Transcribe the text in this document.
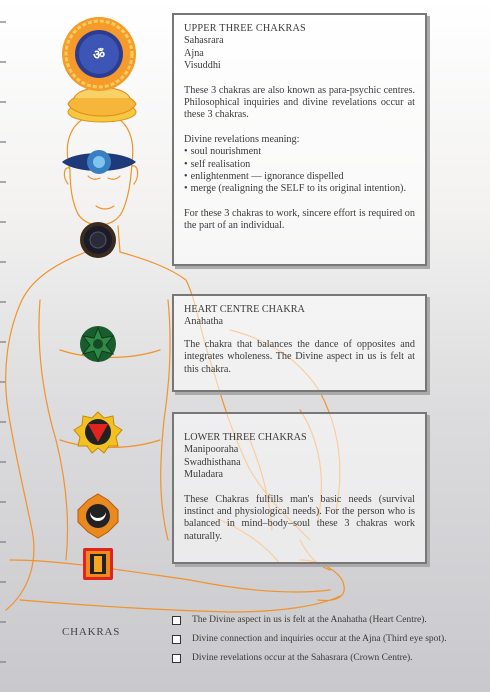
ॐ
UPPER THREE CHAKRAS
Sahasrara
Ajna
Visuddhi

These 3 chakras are also known as para-psychic centres. Philosophical inquiries and divine revelations occur at these 3 chakras.

Divine revelations meaning:
• soul nourishment
• self realisation
• enlightenment — ignorance dispelled
• merge (realigning the SELF to its original intention).

For these 3 chakras to work, sincere effort is required on the part of an individual.

HEART CENTRE CHAKRA
Anahatha

The chakra that balances the dance of opposites and integrates wholeness. The Divine aspect in us is felt at this chakra.

LOWER THREE CHAKRAS
Manipooraha
Swadhisthana
Muladara

These Chakras fulfills man's basic needs (survival instinct and physiological needs). For the person who is balanced in mind–body–soul these 3 chakras work naturally.

CHAKRAS
The Divine aspect in us is felt at the Anahatha (Heart Centre).
Divine connection and inquiries occur at the Ajna (Third eye spot).
Divine revelations occur at the Sahasrara (Crown Centre).
